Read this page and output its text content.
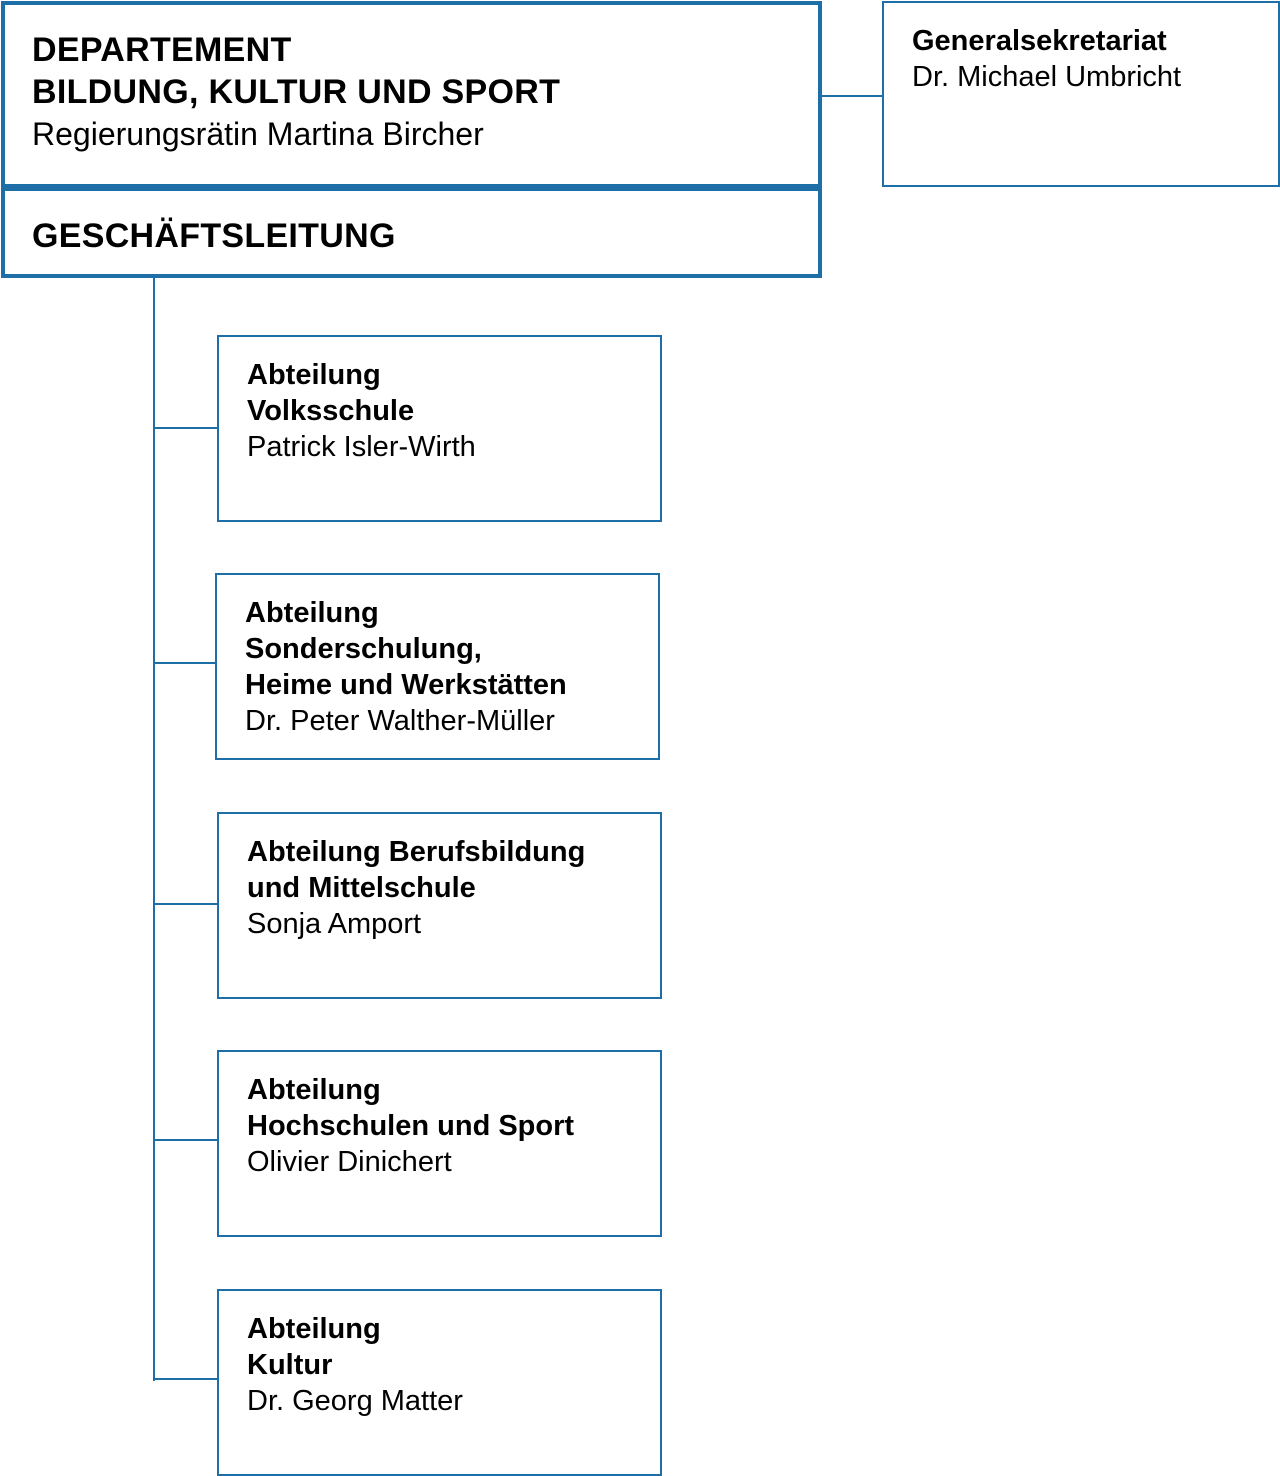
DEPARTEMENT
BILDUNG, KULTUR UND SPORT
Regierungsrätin Martina Bircher
GESCHÄFTSLEITUNG
Generalsekretariat
Dr. Michael Umbricht
Abteilung
Volksschule
Patrick Isler-Wirth
Abteilung
Sonderschulung,
Heime und Werkstätten
Dr. Peter Walther-Müller
Abteilung Berufsbildung
und Mittelschule
Sonja Amport
Abteilung
Hochschulen und Sport
Olivier Dinichert
Abteilung
Kultur
Dr. Georg Matter
